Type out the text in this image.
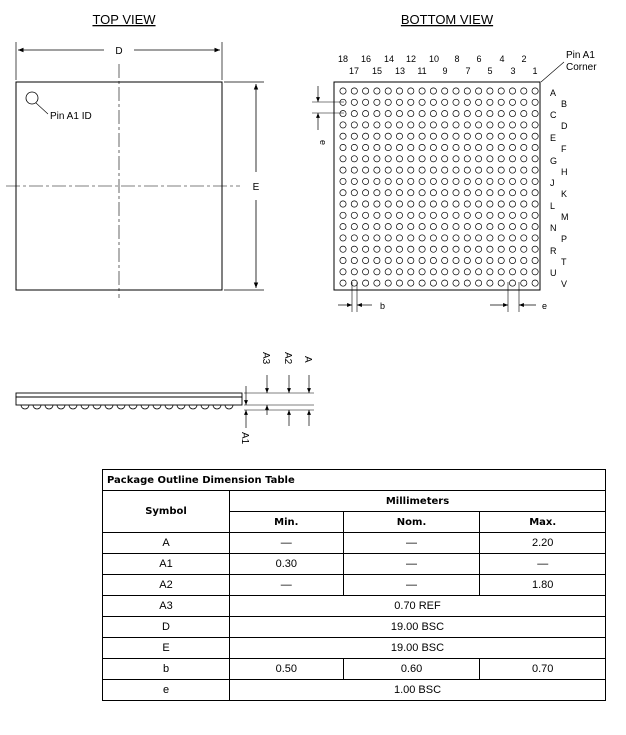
TOP VIEW
D
E
Pin A1 ID
BOTTOM VIEW
18 16 14 12 10 8 6 4 2
17 15 13 11 9 7 5 3 1
A
C
E
G
J
L
N
R
U
B
D
F
H
K
M
P
T
V
Pin A1
Corner
e
b	e
A3 A2 A
A1
Package Outline Dimension Table			
Symbol	Millimeters		
	Min.	Nom.	Max.
A	—	—	2.20
A1	0.30	—	—
A2	—	—	1.80
A3	0.70 REF		
D	19.00 BSC		
E	19.00 BSC		
b	0.50	0.60	0.70
e	1.00 BSC		
